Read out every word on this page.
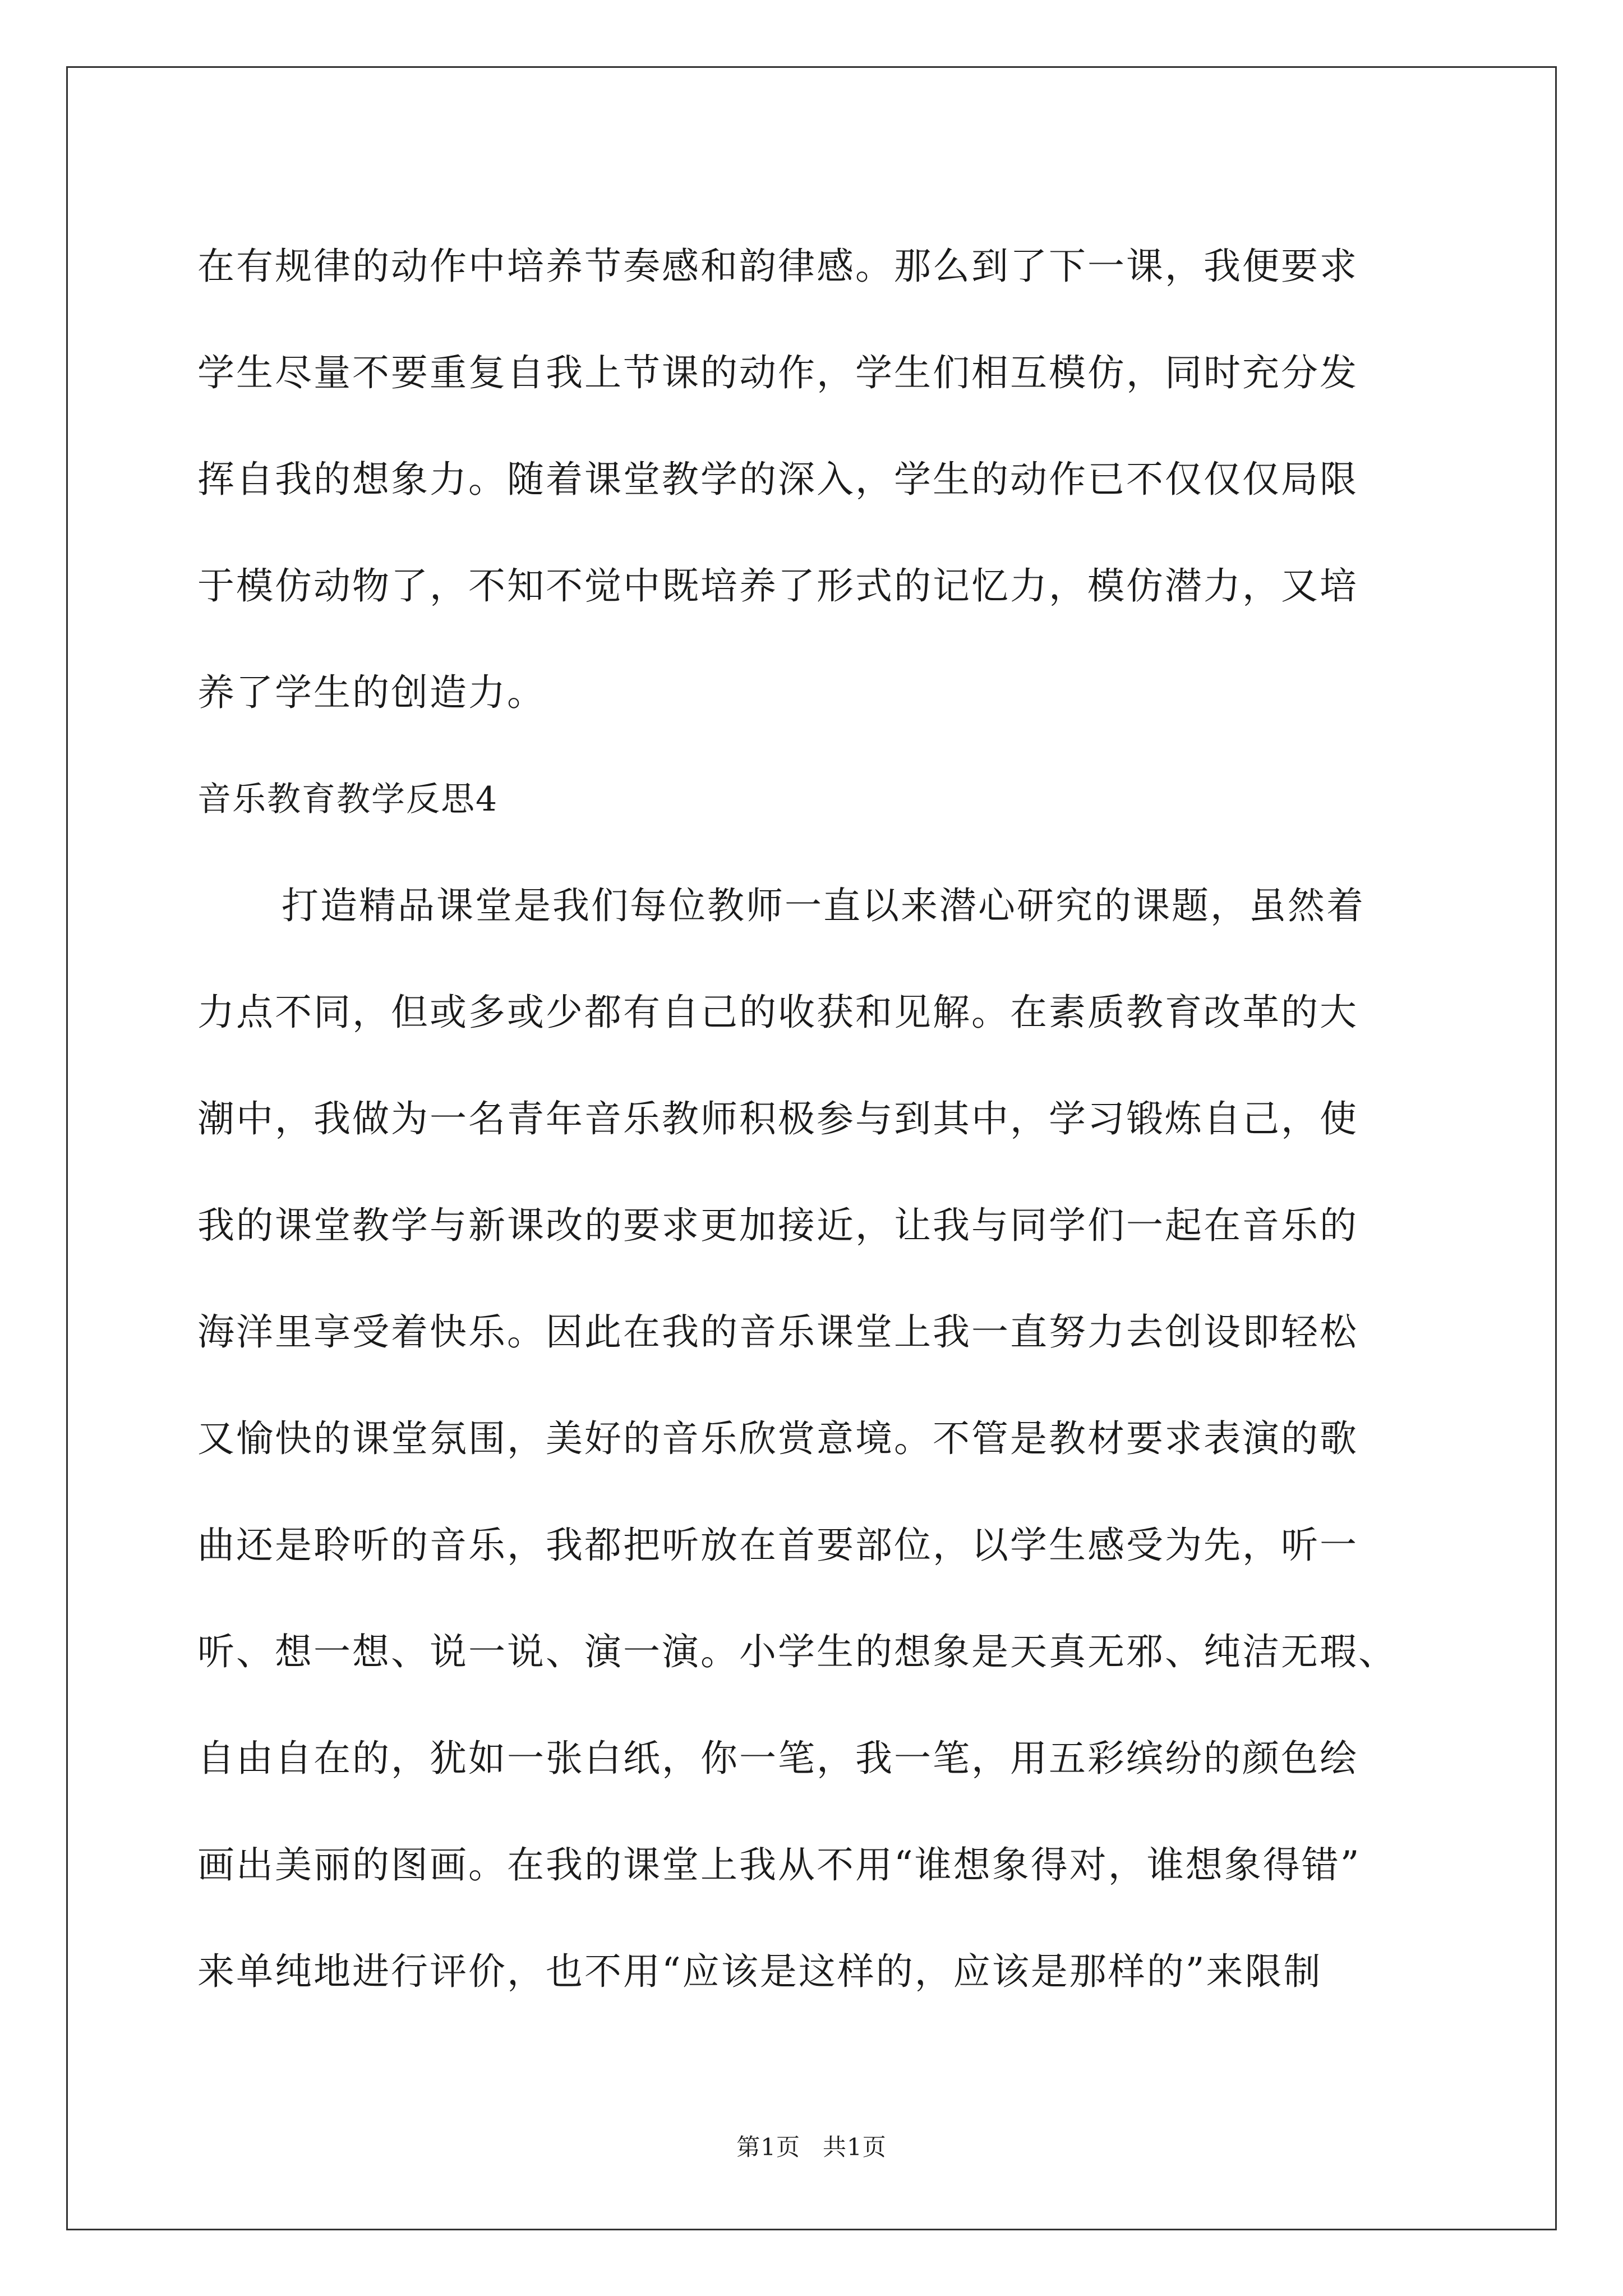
在有规律的动作中培养节奏感和韵律感。那么到了下一课，我便要求
学生尽量不要重复自我上节课的动作，学生们相互模仿，同时充分发
挥自我的想象力。随着课堂教学的深入，学生的动作已不仅仅仅局限
于模仿动物了，不知不觉中既培养了形式的记忆力，模仿潜力，又培
养了学生的创造力。
音乐教育教学反思4
打造精品课堂是我们每位教师一直以来潜心研究的课题，虽然着
力点不同，但或多或少都有自己的收获和见解。在素质教育改革的大
潮中，我做为一名青年音乐教师积极参与到其中，学习锻炼自己，使
我的课堂教学与新课改的要求更加接近，让我与同学们一起在音乐的
海洋里享受着快乐。因此在我的音乐课堂上我一直努力去创设即轻松
又愉快的课堂氛围，美好的音乐欣赏意境。不管是教材要求表演的歌
曲还是聆听的音乐，我都把听放在首要部位，以学生感受为先，听一
听、想一想、说一说、演一演。小学生的想象是天真无邪、纯洁无瑕、
自由自在的，犹如一张白纸，你一笔，我一笔，用五彩缤纷的颜色绘
画出美丽的图画。在我的课堂上我从不用“谁想象得对，谁想象得错”
来单纯地进行评价，也不用“应该是这样的，应该是那样的”来限制
第1页 共1页
